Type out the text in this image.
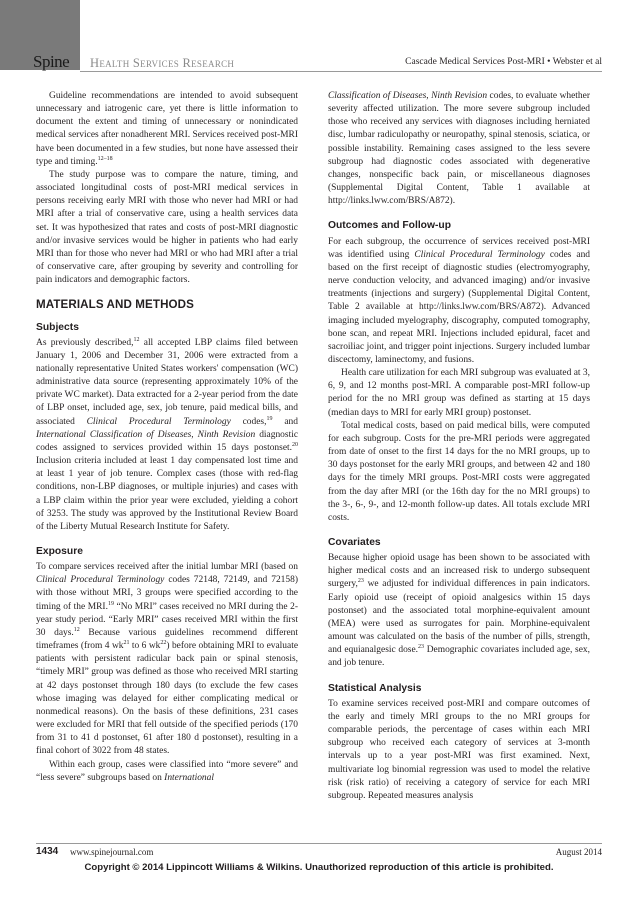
Spine Health Services Research	Cascade Medical Services Post-MRI • Webster et al

Guideline recommendations are intended to avoid subsequent unnecessary and iatrogenic care, yet there is little information to document the extent and timing of unnecessary or nonindicated medical services after nonadherent MRI. Services received post-MRI have been documented in a few studies, but none have assessed their type and timing.$^{12-18}$

The study purpose was to compare the nature, timing, and associated longitudinal costs of post-MRI medical services in persons receiving early MRI with those who never had MRI or had MRI after a trial of conservative care, using a health services data set. It was hypothesized that rates and costs of post-MRI diagnostic and/or invasive services would be higher in patients who had early MRI than for those who never had MRI or who had MRI after a trial of conservative care, after grouping by severity and controlling for pain indicators and demographic factors.

MATERIALS AND METHODS
Subjects

As previously described,$^{12}$ all accepted LBP claims filed between January 1, 2006 and December 31, 2006 were extracted from a nationally representative United States workers' compensation (WC) administrative data source (representing approximately 10% of the private WC market). Data extracted for a 2-year period from the date of LBP onset, included age, sex, job tenure, paid medical bills, and associated Clinical Procedural Terminology codes,$^{19}$ and International Classification of Diseases, Ninth Revision diagnostic codes assigned to services provided within 15 days postonset.$^{20}$ Inclusion criteria included at least 1 day compensated lost time and at least 1 year of job tenure. Complex cases (those with red-flag conditions, non-LBP diagnoses, or multiple injuries) and cases with a LBP claim within the prior year were excluded, yielding a cohort of 3253. The study was approved by the Institutional Review Board of the Liberty Mutual Research Institute for Safety.

Exposure

To compare services received after the initial lumbar MRI (based on Clinical Procedural Terminology codes 72148, 72149, and 72158) with those without MRI, 3 groups were specified according to the timing of the MRI.$^{19}$ “No MRI” cases received no MRI during the 2-year study period. “Early MRI” cases received MRI within the first 30 days.$^{12}$ Because various guidelines recommend different timeframes (from 4 $wk^{21}$ to 6 $wk^{22}$) before obtaining MRI to evaluate patients with persistent radicular back pain or spinal stenosis, “timely MRI” group was defined as those who received MRI starting at 42 days postonset through 180 days (to exclude the few cases whose imaging was delayed for either complicating medical or nonmedical reasons). On the basis of these definitions, 231 cases were excluded for MRI that fell outside of the specified periods (170 from 31 to 41 d postonset, 61 after 180 d postonset), resulting in a final cohort of 3022 from 48 states.

Within each group, cases were classified into “more severe” and “less severe” subgroups based on International

Classification of Diseases, Ninth Revision codes, to evaluate whether severity affected utilization. The more severe subgroup included those who received any services with diagnoses including herniated disc, lumbar radiculopathy or neuropathy, spinal stenosis, sciatica, or possible instability. Remaining cases assigned to the less severe subgroup had diagnostic codes associated with degenerative changes, nonspecific back pain, or miscellaneous diagnoses (Supplemental Digital Content, Table 1 available at http://links.lww.com/BRS/A872).

Outcomes and Follow-up

For each subgroup, the occurrence of services received post-MRI was identified using Clinical Procedural Terminology codes and based on the first receipt of diagnostic studies (electromyography, nerve conduction velocity, and advanced imaging) and/or invasive treatments (injections and surgery) (Supplemental Digital Content, Table 2 available at http://links.lww.com/BRS/A872). Advanced imaging included myelography, discography, computed tomography, bone scan, and repeat MRI. Injections included epidural, facet and sacroiliac joint, and trigger point injections. Surgery included lumbar discectomy, laminectomy, and fusions.

Health care utilization for each MRI subgroup was evaluated at 3, 6, 9, and 12 months post-MRI. A comparable post-MRI follow-up period for the no MRI group was defined as starting at 15 days (median days to MRI for early MRI group) postonset.

Total medical costs, based on paid medical bills, were computed for each subgroup. Costs for the pre-MRI periods were aggregated from date of onset to the first 14 days for the no MRI groups, up to 30 days postonset for the early MRI groups, and between 42 and 180 days for the timely MRI groups. Post-MRI costs were aggregated from the day after MRI (or the 16th day for the no MRI groups) to the 3-, 6-, 9-, and 12-month follow-up dates. All totals exclude MRI costs.

Covariates

Because higher opioid usage has been shown to be associated with higher medical costs and an increased risk to undergo subsequent surgery,$^{23}$ we adjusted for individual differences in pain indicators. Early opioid use (receipt of opioid analgesics within 15 days postonset) and the associated total morphine-equivalent amount (MEA) were used as surrogates for pain. Morphine-equivalent amount was calculated on the basis of the number of pills, strength, and equianalgesic dose.$^{23}$ Demographic covariates included age, sex, and job tenure.

Statistical Analysis

To examine services received post-MRI and compare outcomes of the early and timely MRI groups to the no MRI groups for comparable periods, the percentage of cases within each MRI subgroup who received each category of services at 3-month intervals up to a year post-MRI was first examined. Next, multivariate log binomial regression was used to model the relative risk (risk ratio) of receiving a category of service for each MRI subgroup. Repeated measures analysis

1434 www.spinejournal.com	August 2014
Copyright © 2014 Lippincott Williams & Wilkins. Unauthorized reproduction of this article is prohibited.
